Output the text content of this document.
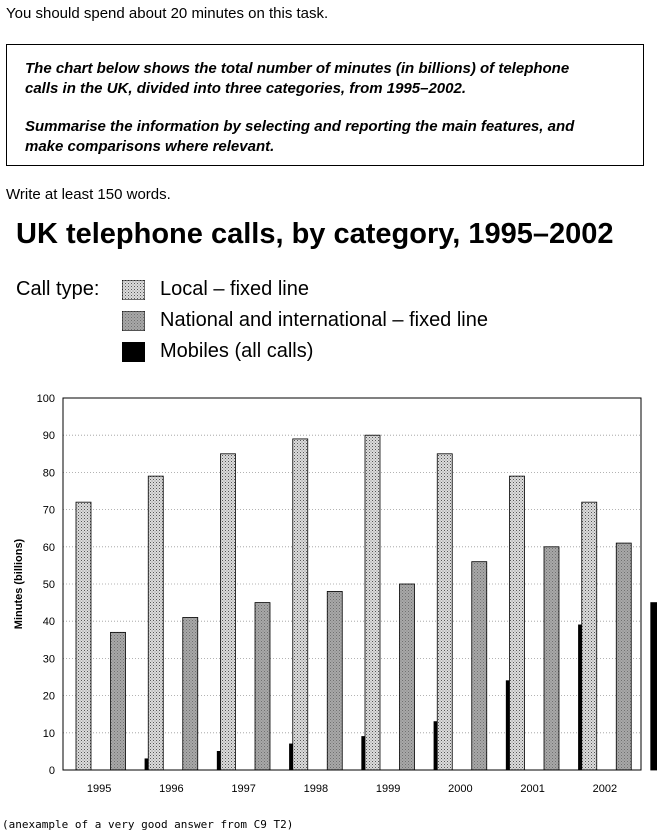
You should spend about 20 minutes on this task.

The chart below shows the total number of minutes (in billions) of telephone

calls in the UK, divided into three categories, from 1995–2002.

Summarise the information by selecting and reporting the main features, and

make comparisons where relevant.

Write at least 150 words.
UK telephone calls, by category, 1995–2002
Call type:	Local – fixed line
National and international – fixed line
Mobiles (all calls)
0
10
20
30
40
50
60
70
80
90
100
1995	1996	1997	1998	1999	2000	2001	2002
Minutes (billions)
(anexample of a very good answer from C9 T2)
